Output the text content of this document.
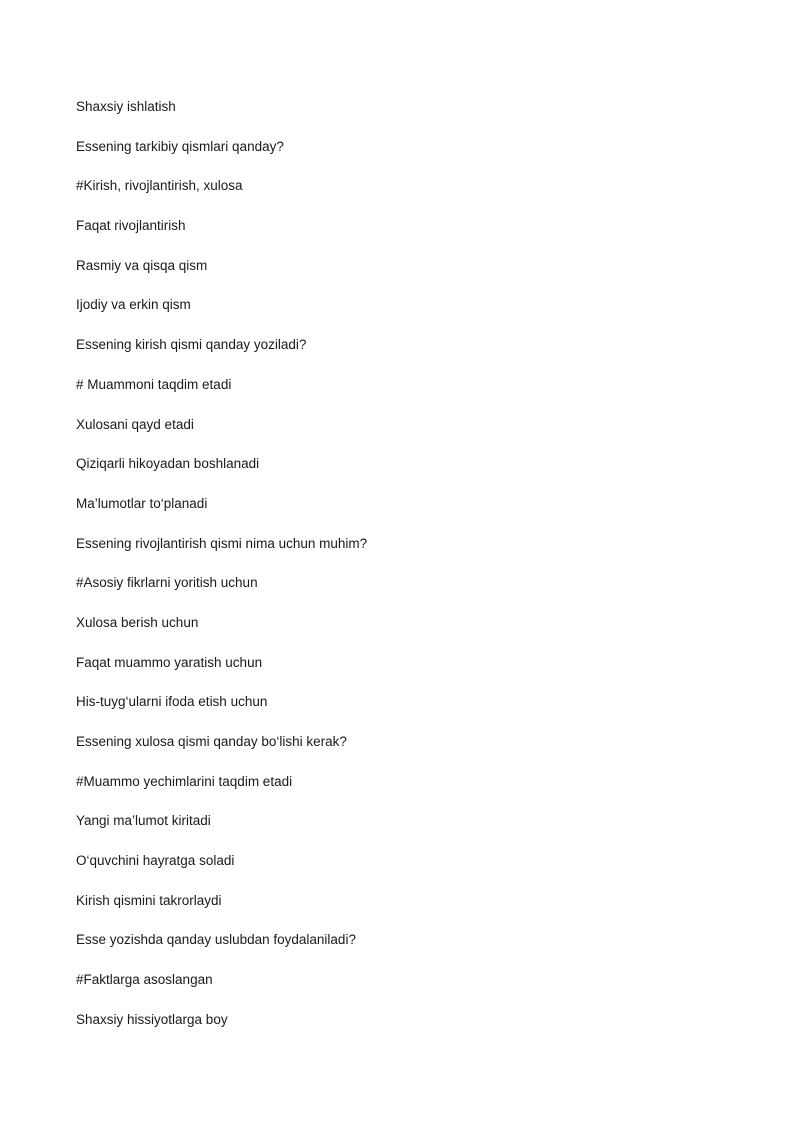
Shaxsiy ishlatish
Essening tarkibiy qismlari qanday?
#Kirish, rivojlantirish, xulosa
Faqat rivojlantirish
Rasmiy va qisqa qism
Ijodiy va erkin qism
Essening kirish qismi qanday yoziladi?
# Muammoni taqdim etadi
Xulosani qayd etadi
Qiziqarli hikoyadan boshlanadi
Ma’lumotlar to‘planadi
Essening rivojlantirish qismi nima uchun muhim?
#Asosiy fikrlarni yoritish uchun
Xulosa berish uchun
Faqat muammo yaratish uchun
His-tuyg‘ularni ifoda etish uchun
Essening xulosa qismi qanday bo‘lishi kerak?
#Muammo yechimlarini taqdim etadi
Yangi ma’lumot kiritadi
O‘quvchini hayratga soladi
Kirish qismini takrorlaydi
Esse yozishda qanday uslubdan foydalaniladi?
#Faktlarga asoslangan
Shaxsiy hissiyotlarga boy
